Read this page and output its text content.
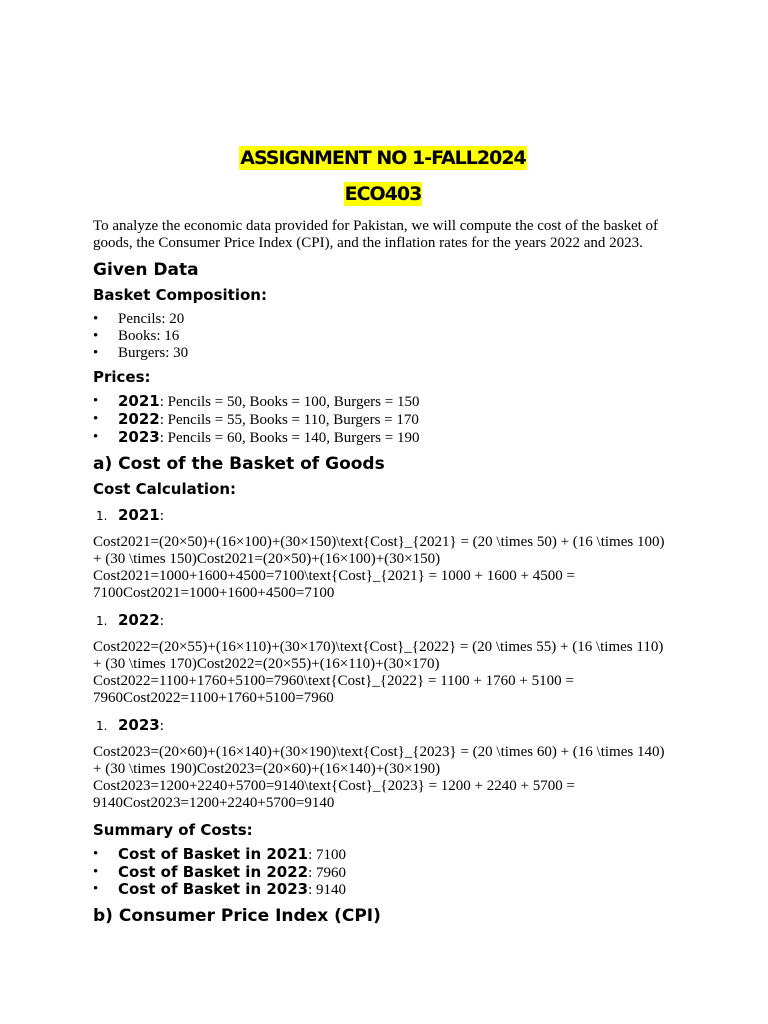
ASSIGNMENT NO 1-FALL2024
ECO403

To analyze the economic data provided for Pakistan, we will compute the cost of the basket of goods, the Consumer Price Index (CPI), and the inflation rates for the years 2022 and 2023.

Given Data
Basket Composition:
• Pencils: 20
• Books: 16
• Burgers: 30
Prices:
• 2021: Pencils = 50, Books = 100, Burgers = 150
• 2022: Pencils = 55, Books = 110, Burgers = 170
• 2023: Pencils = 60, Books = 140, Burgers = 190
a) Cost of the Basket of Goods
Cost Calculation:
1. 2021:

Cost2021=(20×50)+(16×100)+(30×150)\text{Cost}_{2021} = (20 \times 50) + (16 \times 100) + (30 \times 150)Cost2021=(20×50)+(16×100)+(30×150)

Cost2021=1000+1600+4500=7100\text{Cost}_{2021} = 1000 + 1600 + 4500 = 7100Cost2021=1000+1600+4500=7100

1. 2022:

Cost2022=(20×55)+(16×110)+(30×170)\text{Cost}_{2022} = (20 \times 55) + (16 \times 110) + (30 \times 170)Cost2022=(20×55)+(16×110)+(30×170)

Cost2022=1100+1760+5100=7960\text{Cost}_{2022} = 1100 + 1760 + 5100 = 7960Cost2022=1100+1760+5100=7960

1. 2023:

Cost2023=(20×60)+(16×140)+(30×190)\text{Cost}_{2023} = (20 \times 60) + (16 \times 140) + (30 \times 190)Cost2023=(20×60)+(16×140)+(30×190)

Cost2023=1200+2240+5700=9140\text{Cost}_{2023} = 1200 + 2240 + 5700 = 9140Cost2023=1200+2240+5700=9140

Summary of Costs:
• Cost of Basket in 2021: 7100
• Cost of Basket in 2022: 7960
• Cost of Basket in 2023: 9140
b) Consumer Price Index (CPI)
